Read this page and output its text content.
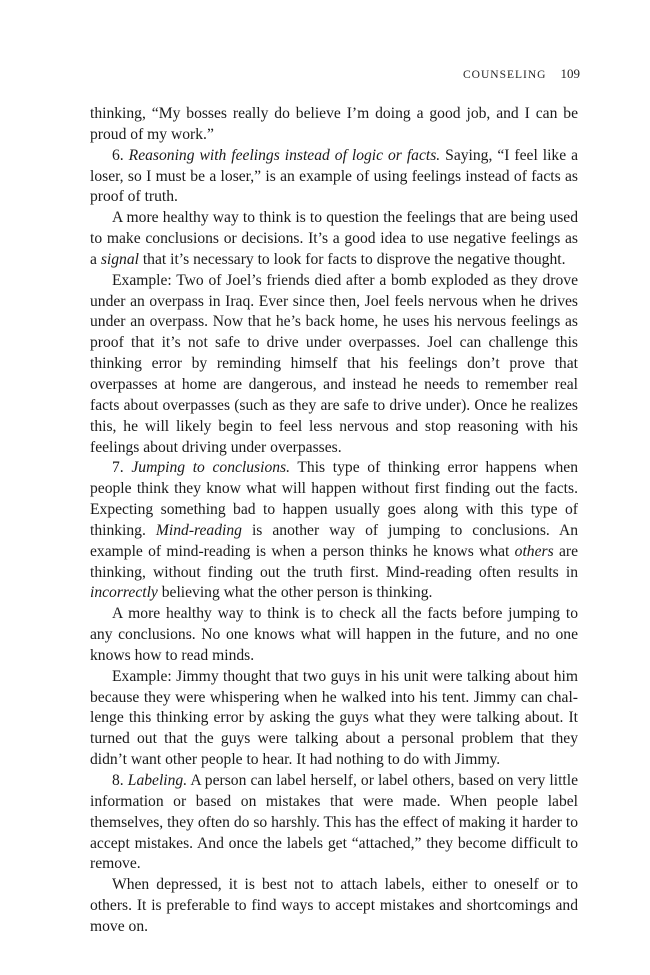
COUNSELING 109

thinking, “My bosses really do believe I’m doing a good job, and I can be proud of my work.”

6. Reasoning with feelings instead of logic or facts. Saying, “I feel like a loser, so I must be a loser,” is an example of using feelings instead of facts as proof of truth.

A more healthy way to think is to question the feelings that are being used to make conclusions or decisions. It’s a good idea to use negative feelings as a signal that it’s necessary to look for facts to disprove the negative thought.

Example: Two of Joel’s friends died after a bomb exploded as they drove under an overpass in Iraq. Ever since then, Joel feels nervous when he drives under an overpass. Now that he’s back home, he uses his nervous feelings as proof that it’s not safe to drive under overpasses. Joel can challenge this thinking error by reminding himself that his feelings don’t prove that overpasses at home are dangerous, and instead he needs to remember real facts about overpasses (such as they are safe to drive under). Once he realizes this, he will likely begin to feel less nervous and stop reasoning with his feelings about driving under overpasses.

7. Jumping to conclusions. This type of thinking error happens when people think they know what will happen without first finding out the facts. Expecting something bad to happen usually goes along with this type of thinking. Mind-reading is another way of jumping to conclusions. An example of mind-reading is when a person thinks he knows what others are thinking, without finding out the truth first. Mind-reading often results in incorrectly believing what the other person is thinking.

A more healthy way to think is to check all the facts before jumping to any conclusions. No one knows what will happen in the future, and no one knows how to read minds.

Example: Jimmy thought that two guys in his unit were talking about him because they were whispering when he walked into his tent. Jimmy can challenge this thinking error by asking the guys what they were talking about. It turned out that the guys were talking about a personal problem that they didn’t want other people to hear. It had nothing to do with Jimmy.

8. Labeling. A person can label herself, or label others, based on very little information or based on mistakes that were made. When people label themselves, they often do so harshly. This has the effect of making it harder to accept mistakes. And once the labels get “attached,” they become difficult to remove.

When depressed, it is best not to attach labels, either to oneself or to others. It is preferable to find ways to accept mistakes and shortcomings and move on.
